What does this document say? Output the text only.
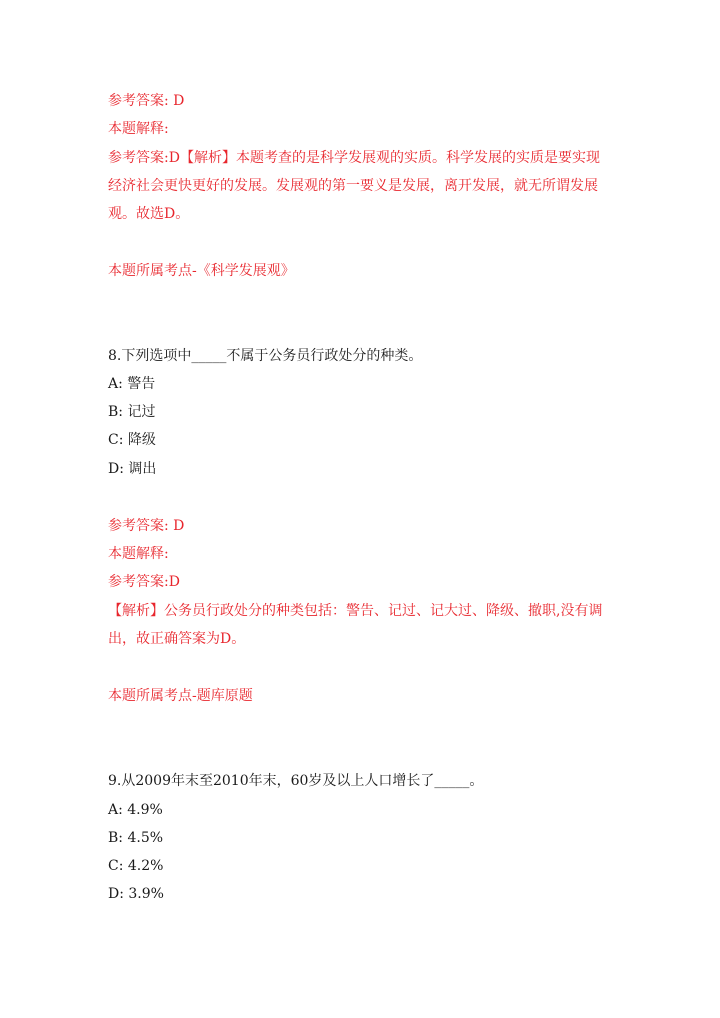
参考答案: D
本题解释:
参考答案:D【解析】本题考查的是科学发展观的实质。科学发展的实质是要实现经济社会更快更好的发展。发展观的第一要义是发展，离开发展，就无所谓发展观。故选D。
本题所属考点-《科学发展观》
8.下列选项中_____不属于公务员行政处分的种类。
A: 警告
B: 记过
C: 降级
D: 调出
参考答案: D
本题解释:
参考答案:D
【解析】公务员行政处分的种类包括：警告、记过、记大过、降级、撤职,没有调出，故正确答案为D。
本题所属考点-题库原题
9.从2009年末至2010年末，60岁及以上人口增长了_____。
A: 4.9%
B: 4.5%
C: 4.2%
D: 3.9%
